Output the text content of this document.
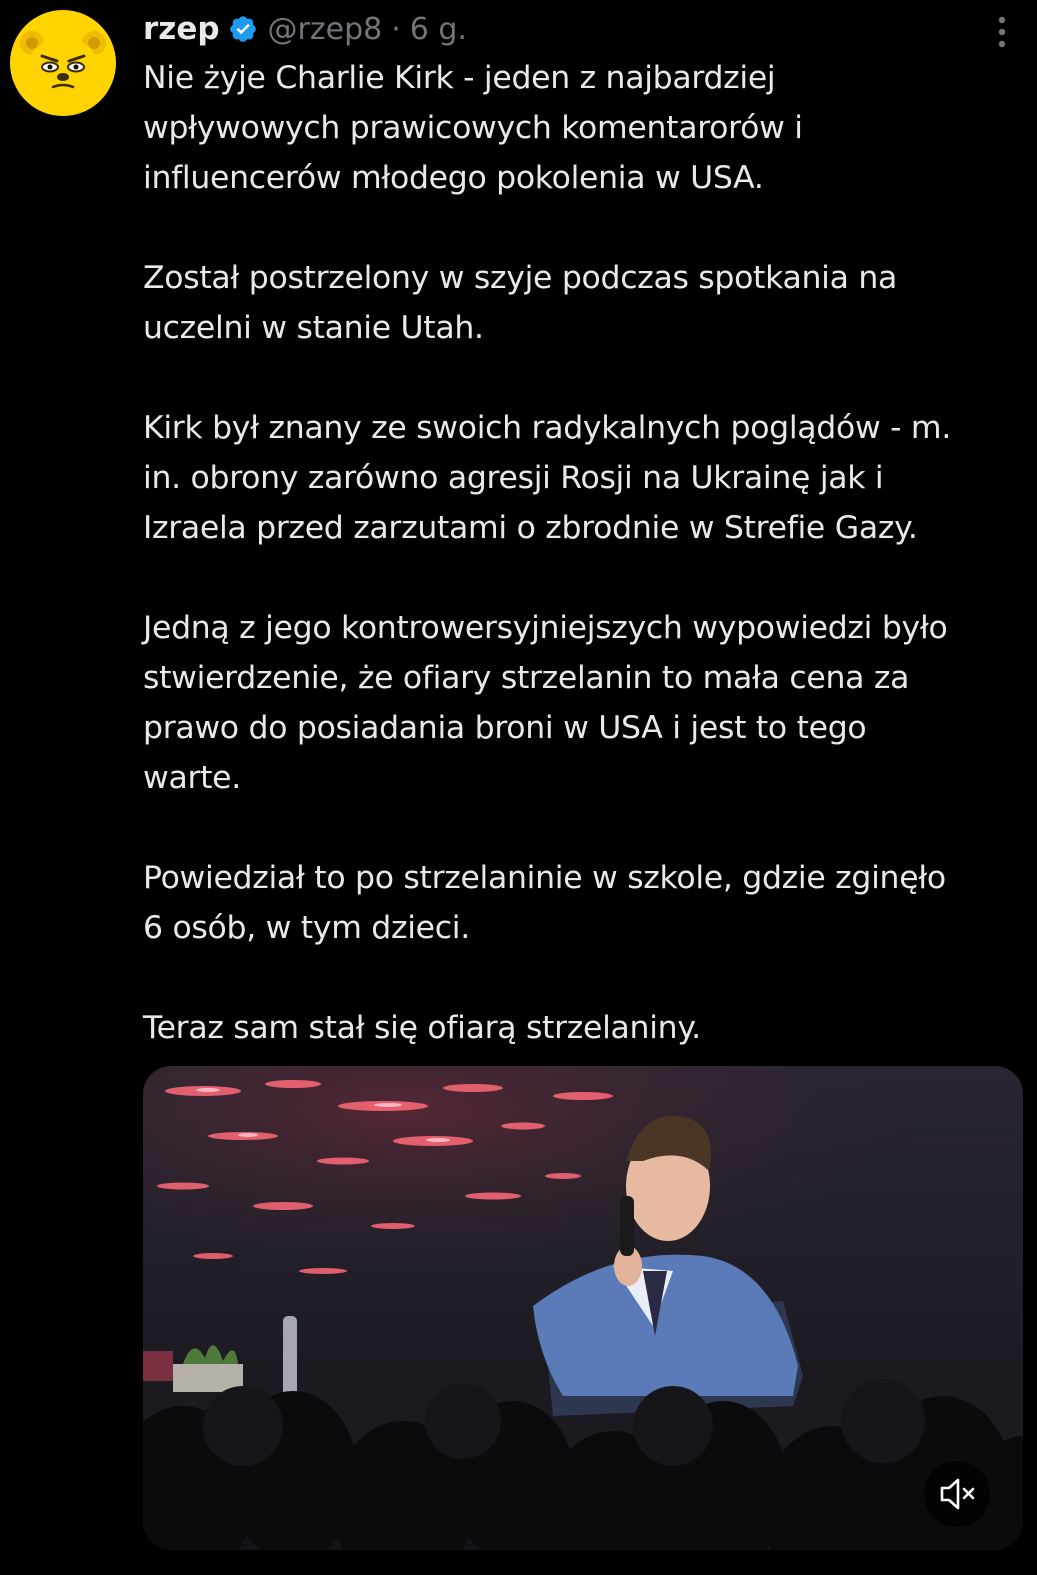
rzep @rzep8 · 6 g.

Nie żyje Charlie Kirk - jeden z najbardziej

wpływowych prawicowych komentarorów i

influencerów młodego pokolenia w USA.

Został postrzelony w szyje podczas spotkania na

uczelni w stanie Utah.

Kirk był znany ze swoich radykalnych poglądów - m.

in. obrony zarówno agresji Rosji na Ukrainę jak i

Izraela przed zarzutami o zbrodnie w Strefie Gazy.

Jedną z jego kontrowersyjniejszych wypowiedzi było

stwierdzenie, że ofiary strzelanin to mała cena za

prawo do posiadania broni w USA i jest to tego

warte.

Powiedział to po strzelaninie w szkole, gdzie zginęło

6 osób, w tym dzieci.

Teraz sam stał się ofiarą strzelaniny.
